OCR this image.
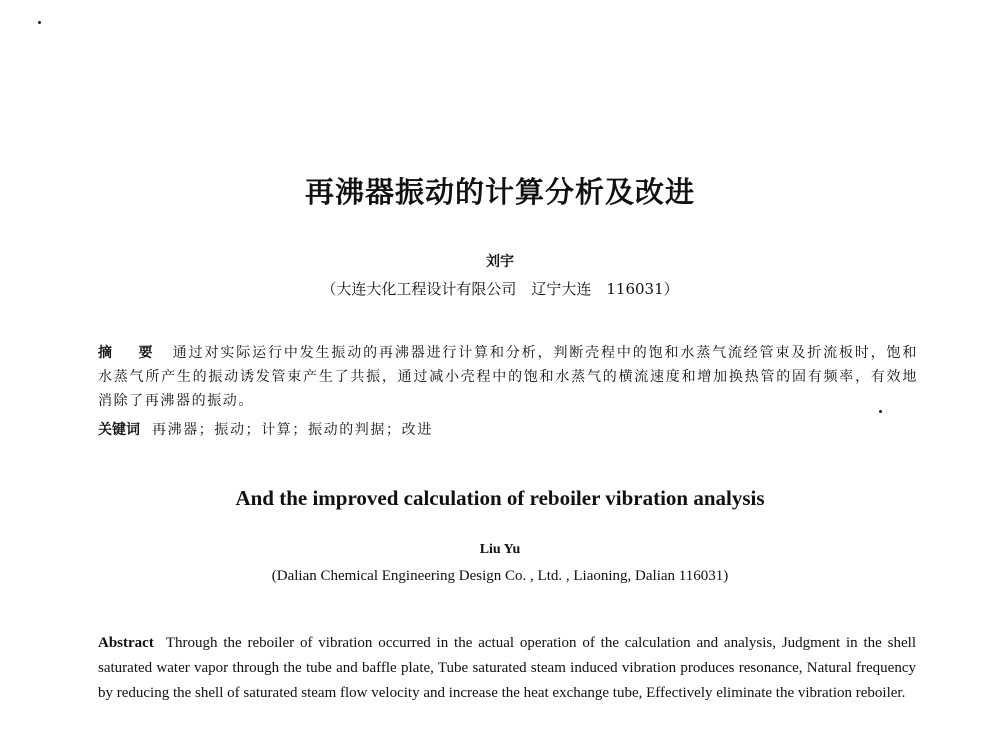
再沸器振动的计算分析及改进
刘宇
（大连大化工程设计有限公司　辽宁大连　116031）
摘　要 通过对实际运行中发生振动的再沸器进行计算和分析，判断壳程中的饱和水蒸气流经管束及折流板时，饱和水蒸气所产生的振动诱发管束产生了共振，通过减小壳程中的饱和水蒸气的横流速度和增加换热管的固有频率，有效地消除了再沸器的振动。
关键词 再沸器；振动；计算；振动的判据；改进
And the improved calculation of reboiler vibration analysis
Liu Yu
(Dalian Chemical Engineering Design Co. , Ltd. , Liaoning, Dalian 116031)
Abstract Through the reboiler of vibration occurred in the actual operation of the calculation and analysis, Judgment in the shell saturated water vapor through the tube and baffle plate, Tube saturated steam induced vibration produces resonance, Natural frequency by reducing the shell of saturated steam flow velocity and increase the heat exchange tube, Effectively eliminate the vibration reboiler.
